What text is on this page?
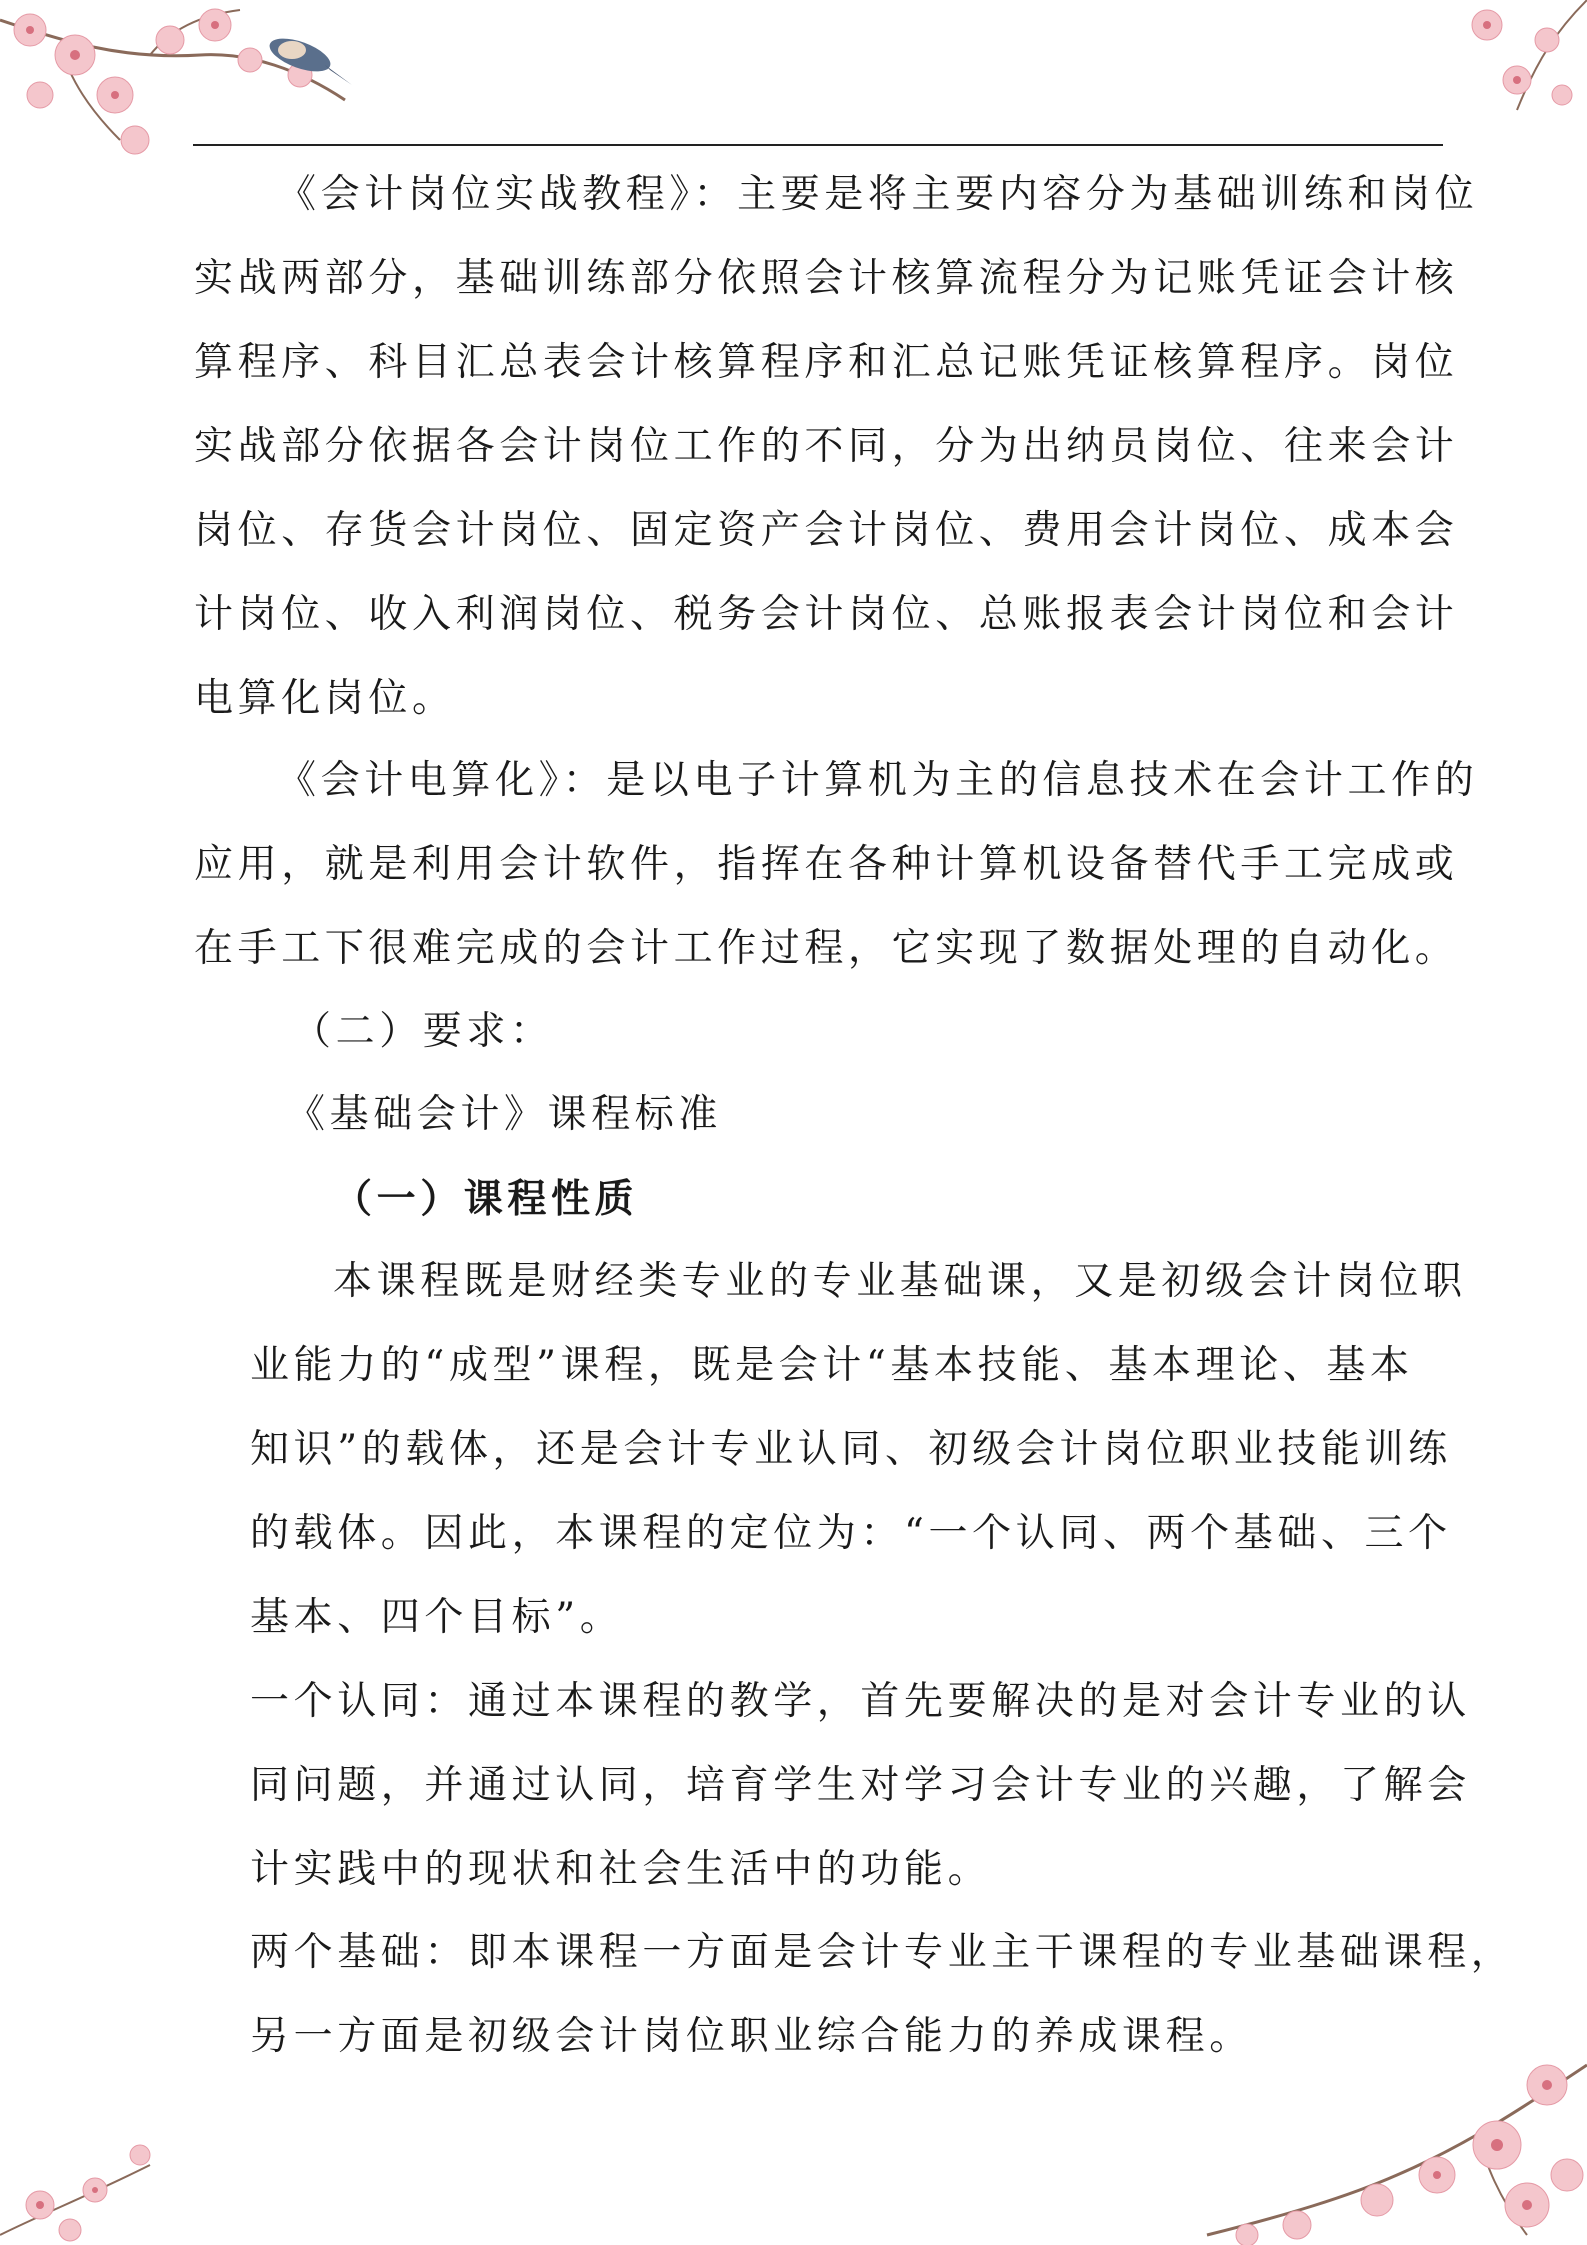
《会计岗位实战教程》：主要是将主要内容分为基础训练和岗位

实战两部分，基础训练部分依照会计核算流程分为记账凭证会计核

算程序、科目汇总表会计核算程序和汇总记账凭证核算程序。岗位

实战部分依据各会计岗位工作的不同，分为出纳员岗位、往来会计

岗位、存货会计岗位、固定资产会计岗位、费用会计岗位、成本会

计岗位、收入利润岗位、税务会计岗位、总账报表会计岗位和会计

电算化岗位。

《会计电算化》：是以电子计算机为主的信息技术在会计工作的

应用，就是利用会计软件，指挥在各种计算机设备替代手工完成或

在手工下很难完成的会计工作过程，它实现了数据处理的自动化。

（二）要求：

《基础会计》课程标准

（一）课程性质

本课程既是财经类专业的专业基础课，又是初级会计岗位职

业能力的“成型”课程，既是会计“基本技能、基本理论、基本

知识”的载体，还是会计专业认同、初级会计岗位职业技能训练

的载体。因此，本课程的定位为：“一个认同、两个基础、三个

基本、四个目标”。

一个认同：通过本课程的教学，首先要解决的是对会计专业的认

同问题，并通过认同，培育学生对学习会计专业的兴趣，了解会

计实践中的现状和社会生活中的功能。

两个基础：即本课程一方面是会计专业主干课程的专业基础课程，

另一方面是初级会计岗位职业综合能力的养成课程。
